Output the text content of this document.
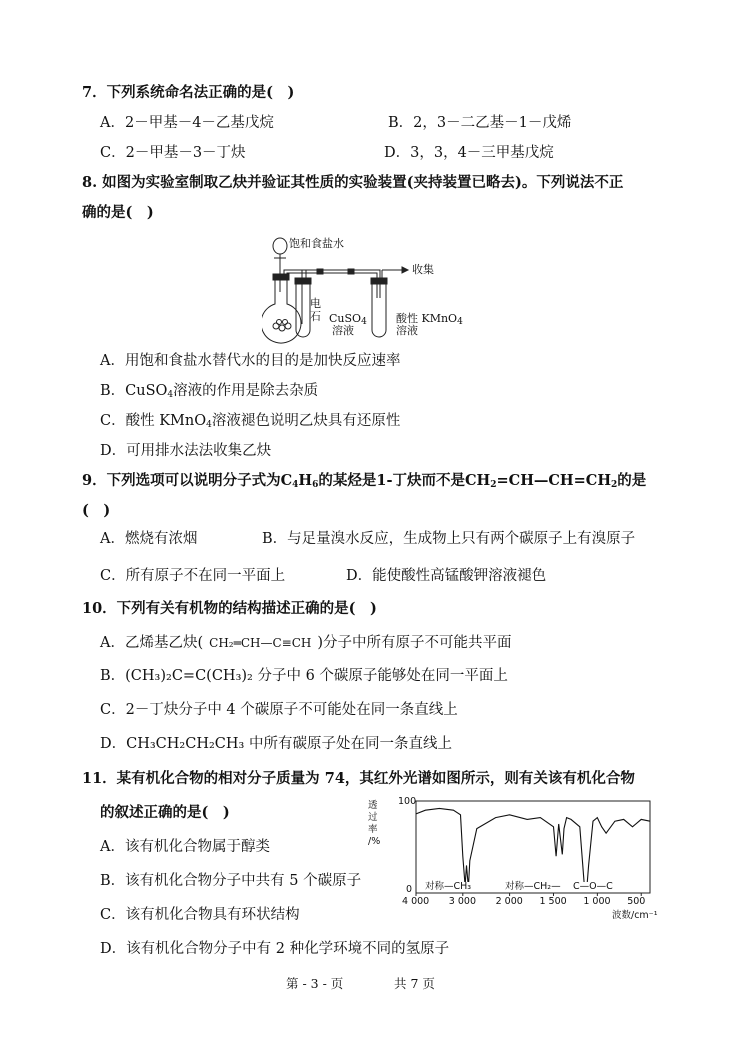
7．下列系统命名法正确的是(　)
A．2－甲基－4－乙基戊烷	B．2，3－二乙基－1－戊烯
C．2－甲基－3－丁炔	D．3，3，4－三甲基戊烷
8. 如图为实验室制取乙炔并验证其性质的实验装置(夹持装置已略去)。下列说法不正
确的是(　)
饱和食盐水
收集
电
石 CuSO$_4$
溶液
酸性 KMnO$_4$
溶液
A．用饱和食盐水替代水的目的是加快反应速率
B．CuSO$_4$溶液的作用是除去杂质
C．酸性 KMnO$_4$溶液褪色说明乙炔具有还原性
D．可用排水法法收集乙炔
9．下列选项可以说明分子式为$C_4H_6$的某烃是1-丁炔而不是$CH_2=CH—CH=CH_2$的是
(　)
A．燃烧有浓烟	B．与足量溴水反应，生成物上只有两个碳原子上有溴原子
C．所有原子不在同一平面上	D．能使酸性高锰酸钾溶液褪色
10．下列有关有机物的结构描述正确的是(　)
A．乙烯基乙炔( CH₂═CH—C≡CH )分子中所有原子不可能共平面
B．(CH₃)₂C=C(CH₃)₂ 分子中 6 个碳原子能够处在同一平面上
C．2－丁炔分子中 4 个碳原子不可能处在同一条直线上
D．CH₃CH₂CH₂CH₃ 中所有碳原子处在同一条直线上
11．某有机化合物的相对分子质量为 74，其红外光谱如图所示，则有关该有机化合物
的叙述正确的是(　)
A．该有机化合物属于醇类
B．该有机化合物分子中共有 5 个碳原子
C．该有机化合物具有环状结构
D．该有机化合物分子中有 2 种化学环境不同的氢原子
透
过
率
/%
100
0
4 000 3 000 2 000 1 500 1 000 500
对称—CH₃	对称—CH₂— C—O—C
波数/cm⁻¹
第 - 3 - 页	共 7 页
